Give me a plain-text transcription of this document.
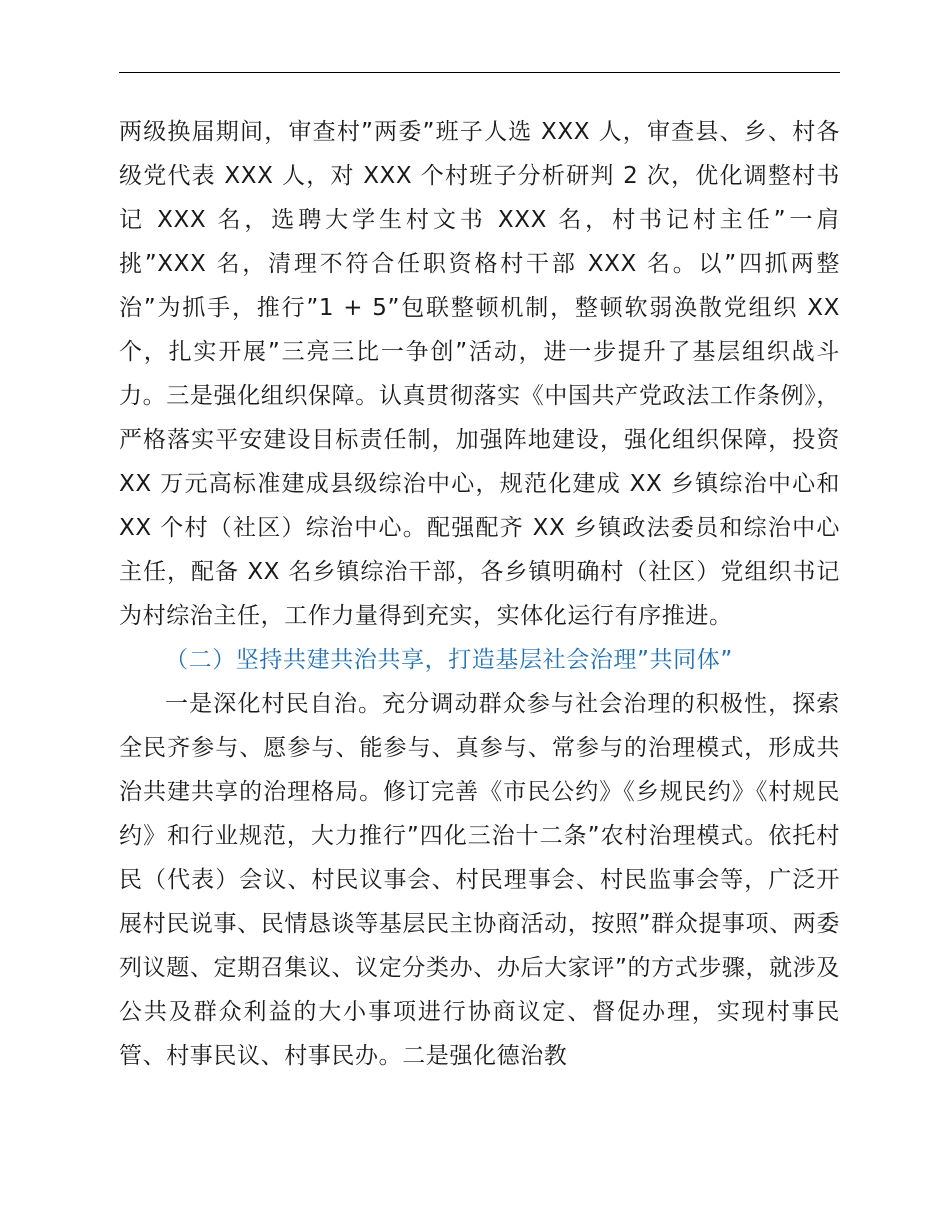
两级换届期间，审查村”两委”班子人选 XXX 人，审查县、乡、村各级党代表 XXX 人，对 XXX 个村班子分析研判 2 次，优化调整村书记 XXX 名，选聘大学生村文书 XXX 名，村书记村主任”一肩挑”XXX 名，清理不符合任职资格村干部 XXX 名。以”四抓两整治”为抓手，推行”1 + 5”包联整顿机制，整顿软弱涣散党组织 XX 个，扎实开展”三亮三比一争创”活动，进一步提升了基层组织战斗力。三是强化组织保障。认真贯彻落实《中国共产党政法工作条例》，严格落实平安建设目标责任制，加强阵地建设，强化组织保障，投资 XX 万元高标准建成县级综治中心，规范化建成 XX 乡镇综治中心和 XX 个村（社区）综治中心。配强配齐 XX 乡镇政法委员和综治中心主任，配备 XX 名乡镇综治干部，各乡镇明确村（社区）党组织书记为村综治主任，工作力量得到充实，实体化运行有序推进。

（二）坚持共建共治共享，打造基层社会治理”共同体”

一是深化村民自治。充分调动群众参与社会治理的积极性，探索全民齐参与、愿参与、能参与、真参与、常参与的治理模式，形成共治共建共享的治理格局。修订完善《市民公约》《乡规民约》《村规民约》和行业规范，大力推行”四化三治十二条”农村治理模式。依托村民（代表）会议、村民议事会、村民理事会、村民监事会等，广泛开展村民说事、民情恳谈等基层民主协商活动，按照”群众提事项、两委列议题、定期召集议、议定分类办、办后大家评”的方式步骤，就涉及公共及群众利益的大小事项进行协商议定、督促办理，实现村事民管、村事民议、村事民办。二是强化德治教
